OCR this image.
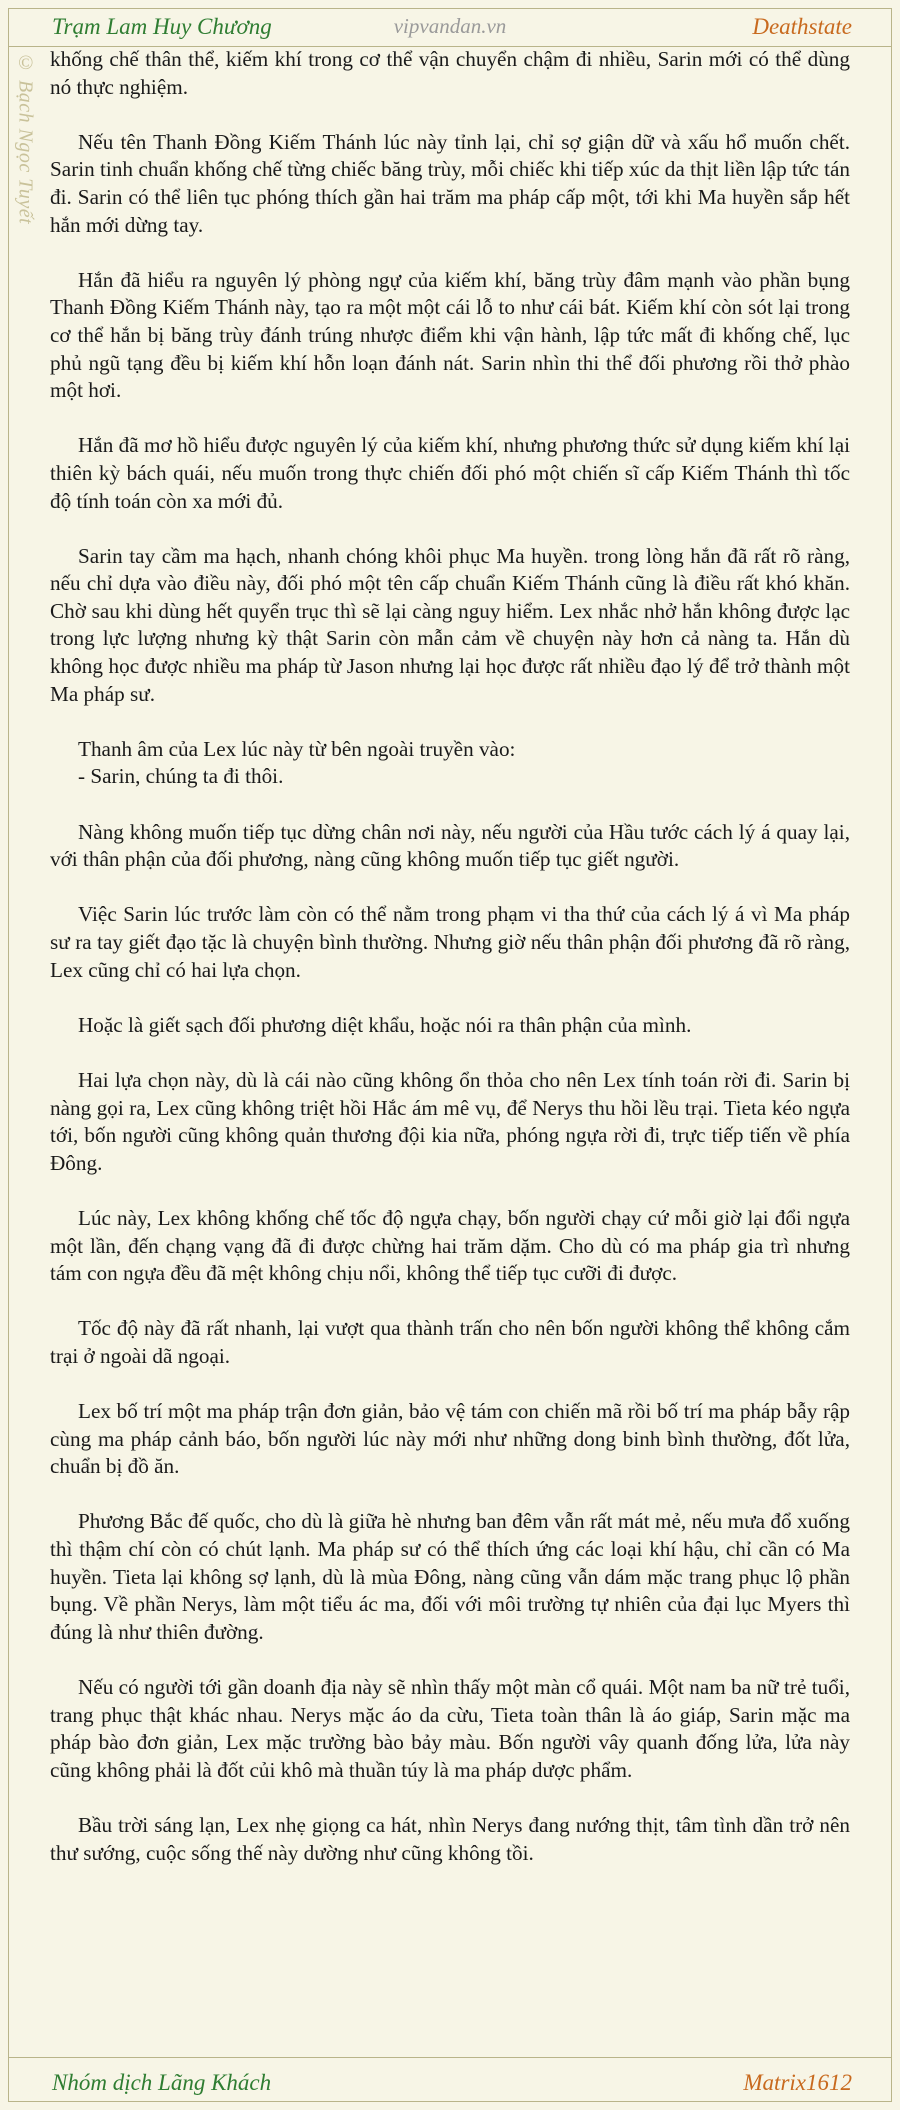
Trạm Lam Huy Chương	vipvandan.vn	Deathstate
© Bạch Ngọc Tuyết khống chế thân thể, kiếm khí trong cơ thể vận chuyển chậm đi nhiều, Sarin mới có thể dùng nó thực nghiệm.

Nếu tên Thanh Đồng Kiếm Thánh lúc này tỉnh lại, chỉ sợ giận dữ và xấu hổ muốn chết. Sarin tinh chuẩn khống chế từng chiếc băng trùy, mỗi chiếc khi tiếp xúc da thịt liền lập tức tán đi. Sarin có thể liên tục phóng thích gần hai trăm ma pháp cấp một, tới khi Ma huyền sắp hết hắn mới dừng tay.

Hắn đã hiểu ra nguyên lý phòng ngự của kiếm khí, băng trùy đâm mạnh vào phần bụng Thanh Đồng Kiếm Thánh này, tạo ra một một cái lỗ to như cái bát. Kiếm khí còn sót lại trong cơ thể hắn bị băng trùy đánh trúng nhược điểm khi vận hành, lập tức mất đi khống chế, lục phủ ngũ tạng đều bị kiếm khí hỗn loạn đánh nát. Sarin nhìn thi thể đối phương rồi thở phào một hơi.

Hắn đã mơ hồ hiểu được nguyên lý của kiếm khí, nhưng phương thức sử dụng kiếm khí lại thiên kỳ bách quái, nếu muốn trong thực chiến đối phó một chiến sĩ cấp Kiếm Thánh thì tốc độ tính toán còn xa mới đủ.

Sarin tay cầm ma hạch, nhanh chóng khôi phục Ma huyền. trong lòng hắn đã rất rõ ràng, nếu chỉ dựa vào điều này, đối phó một tên cấp chuẩn Kiếm Thánh cũng là điều rất khó khăn. Chờ sau khi dùng hết quyển trục thì sẽ lại càng nguy hiểm. Lex nhắc nhở hắn không được lạc trong lực lượng nhưng kỳ thật Sarin còn mẫn cảm về chuyện này hơn cả nàng ta. Hắn dù không học được nhiều ma pháp từ Jason nhưng lại học được rất nhiều đạo lý để trở thành một Ma pháp sư.

Thanh âm của Lex lúc này từ bên ngoài truyền vào:
- Sarin, chúng ta đi thôi.

Nàng không muốn tiếp tục dừng chân nơi này, nếu người của Hầu tước cách lý á quay lại, với thân phận của đối phương, nàng cũng không muốn tiếp tục giết người.

Việc Sarin lúc trước làm còn có thể nằm trong phạm vi tha thứ của cách lý á vì Ma pháp sư ra tay giết đạo tặc là chuyện bình thường. Nhưng giờ nếu thân phận đối phương đã rõ ràng, Lex cũng chỉ có hai lựa chọn.

Hoặc là giết sạch đối phương diệt khẩu, hoặc nói ra thân phận của mình.

Hai lựa chọn này, dù là cái nào cũng không ổn thỏa cho nên Lex tính toán rời đi. Sarin bị nàng gọi ra, Lex cũng không triệt hồi Hắc ám mê vụ, để Nerys thu hồi lều trại. Tieta kéo ngựa tới, bốn người cũng không quản thương đội kia nữa, phóng ngựa rời đi, trực tiếp tiến về phía Đông.

Lúc này, Lex không khống chế tốc độ ngựa chạy, bốn người chạy cứ mỗi giờ lại đổi ngựa một lần, đến chạng vạng đã đi được chừng hai trăm dặm. Cho dù có ma pháp gia trì nhưng tám con ngựa đều đã mệt không chịu nổi, không thể tiếp tục cưỡi đi được.

Tốc độ này đã rất nhanh, lại vượt qua thành trấn cho nên bốn người không thể không cắm trại ở ngoài dã ngoại.

Lex bố trí một ma pháp trận đơn giản, bảo vệ tám con chiến mã rồi bố trí ma pháp bẫy rập cùng ma pháp cảnh báo, bốn người lúc này mới như những dong binh bình thường, đốt lửa, chuẩn bị đồ ăn.

Phương Bắc đế quốc, cho dù là giữa hè nhưng ban đêm vẫn rất mát mẻ, nếu mưa đổ xuống thì thậm chí còn có chút lạnh. Ma pháp sư có thể thích ứng các loại khí hậu, chỉ cần có Ma huyền. Tieta lại không sợ lạnh, dù là mùa Đông, nàng cũng vẫn dám mặc trang phục lộ phần bụng. Về phần Nerys, làm một tiểu ác ma, đối với môi trường tự nhiên của đại lục Myers thì đúng là như thiên đường.

Nếu có người tới gần doanh địa này sẽ nhìn thấy một màn cổ quái. Một nam ba nữ trẻ tuổi, trang phục thật khác nhau. Nerys mặc áo da cừu, Tieta toàn thân là áo giáp, Sarin mặc ma pháp bào đơn giản, Lex mặc trường bào bảy màu. Bốn người vây quanh đống lửa, lửa này cũng không phải là đốt củi khô mà thuần túy là ma pháp dược phẩm.

Bầu trời sáng lạn, Lex nhẹ giọng ca hát, nhìn Nerys đang nướng thịt, tâm tình dần trở nên thư sướng, cuộc sống thế này dường như cũng không tồi.

Nhóm dịch Lãng Khách	Matrix1612
